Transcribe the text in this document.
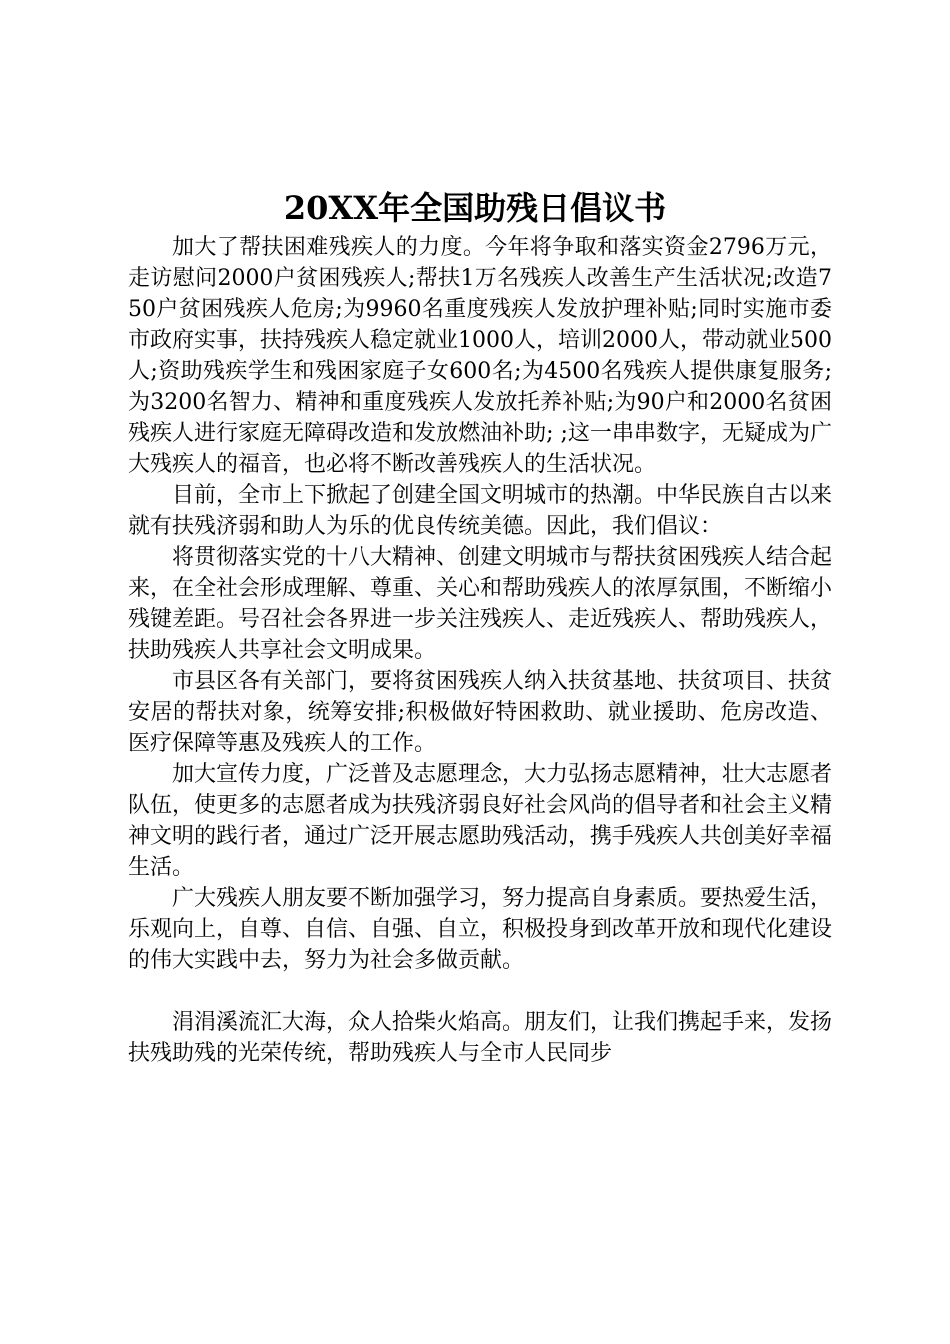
20XX年全国助残日倡议书

加大了帮扶困难残疾人的力度。今年将争取和落实资金2796万元，走访慰问2000户贫困残疾人;帮扶1万名残疾人改善生产生活状况;改造750户贫困残疾人危房;为9960名重度残疾人发放护理补贴;同时实施市委市政府实事，扶持残疾人稳定就业1000人，培训2000人，带动就业500人;资助残疾学生和残困家庭子女600名;为4500名残疾人提供康复服务;为3200名智力、精神和重度残疾人发放托养补贴;为90户和2000名贫困残疾人进行家庭无障碍改造和发放燃油补助; ;这一串串数字，无疑成为广大残疾人的福音，也必将不断改善残疾人的生活状况。

目前，全市上下掀起了创建全国文明城市的热潮。中华民族自古以来就有扶残济弱和助人为乐的优良传统美德。因此，我们倡议：

将贯彻落实党的十八大精神、创建文明城市与帮扶贫困残疾人结合起来，在全社会形成理解、尊重、关心和帮助残疾人的浓厚氛围，不断缩小残键差距。号召社会各界进一步关注残疾人、走近残疾人、帮助残疾人，扶助残疾人共享社会文明成果。

市县区各有关部门，要将贫困残疾人纳入扶贫基地、扶贫项目、扶贫安居的帮扶对象，统筹安排;积极做好特困救助、就业援助、危房改造、医疗保障等惠及残疾人的工作。

加大宣传力度，广泛普及志愿理念，大力弘扬志愿精神，壮大志愿者队伍，使更多的志愿者成为扶残济弱良好社会风尚的倡导者和社会主义精神文明的践行者，通过广泛开展志愿助残活动，携手残疾人共创美好幸福生活。

广大残疾人朋友要不断加强学习，努力提高自身素质。要热爱生活，乐观向上，自尊、自信、自强、自立，积极投身到改革开放和现代化建设的伟大实践中去，努力为社会多做贡献。

涓涓溪流汇大海，众人拾柴火焰高。朋友们，让我们携起手来，发扬扶残助残的光荣传统，帮助残疾人与全市人民同步
